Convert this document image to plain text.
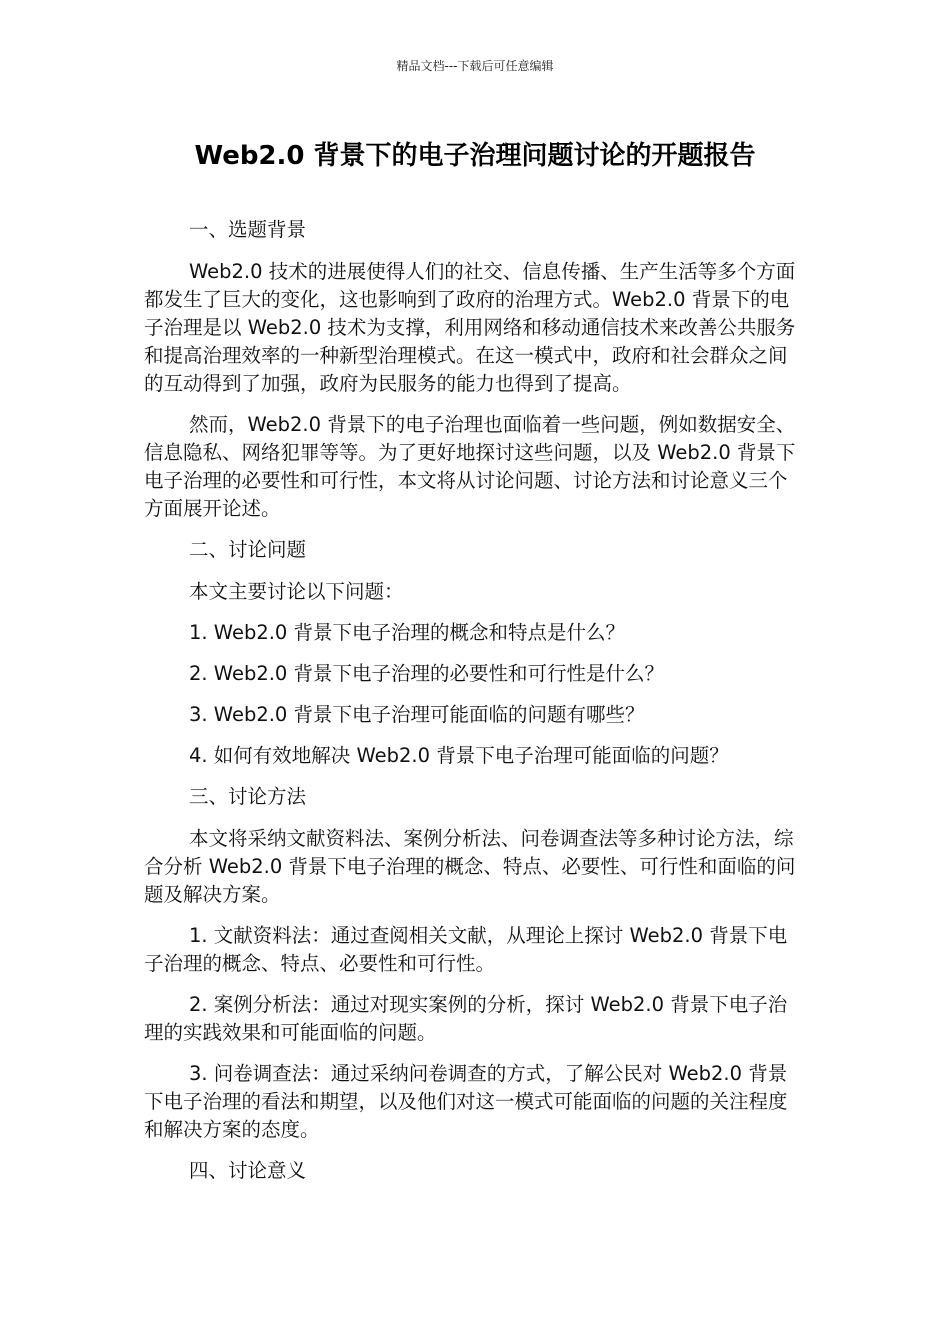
精品文档---下载后可任意编辑
Web2.0 背景下的电子治理问题讨论的开题报告

一、选题背景

Web2.0 技术的进展使得人们的社交、信息传播、生产生活等多个方面都发生了巨大的变化，这也影响到了政府的治理方式。Web2.0 背景下的电子治理是以 Web2.0 技术为支撑，利用网络和移动通信技术来改善公共服务和提高治理效率的一种新型治理模式。在这一模式中，政府和社会群众之间的互动得到了加强，政府为民服务的能力也得到了提高。

然而，Web2.0 背景下的电子治理也面临着一些问题，例如数据安全、信息隐私、网络犯罪等等。为了更好地探讨这些问题，以及 Web2.0 背景下电子治理的必要性和可行性，本文将从讨论问题、讨论方法和讨论意义三个方面展开论述。

二、讨论问题

本文主要讨论以下问题：

1. Web2.0 背景下电子治理的概念和特点是什么？

2. Web2.0 背景下电子治理的必要性和可行性是什么？

3. Web2.0 背景下电子治理可能面临的问题有哪些？

4. 如何有效地解决 Web2.0 背景下电子治理可能面临的问题？

三、讨论方法

本文将采纳文献资料法、案例分析法、问卷调查法等多种讨论方法，综合分析 Web2.0 背景下电子治理的概念、特点、必要性、可行性和面临的问题及解决方案。

1. 文献资料法：通过查阅相关文献，从理论上探讨 Web2.0 背景下电子治理的概念、特点、必要性和可行性。

2. 案例分析法：通过对现实案例的分析，探讨 Web2.0 背景下电子治理的实践效果和可能面临的问题。

3. 问卷调查法：通过采纳问卷调查的方式，了解公民对 Web2.0 背景下电子治理的看法和期望，以及他们对这一模式可能面临的问题的关注程度和解决方案的态度。

四、讨论意义
